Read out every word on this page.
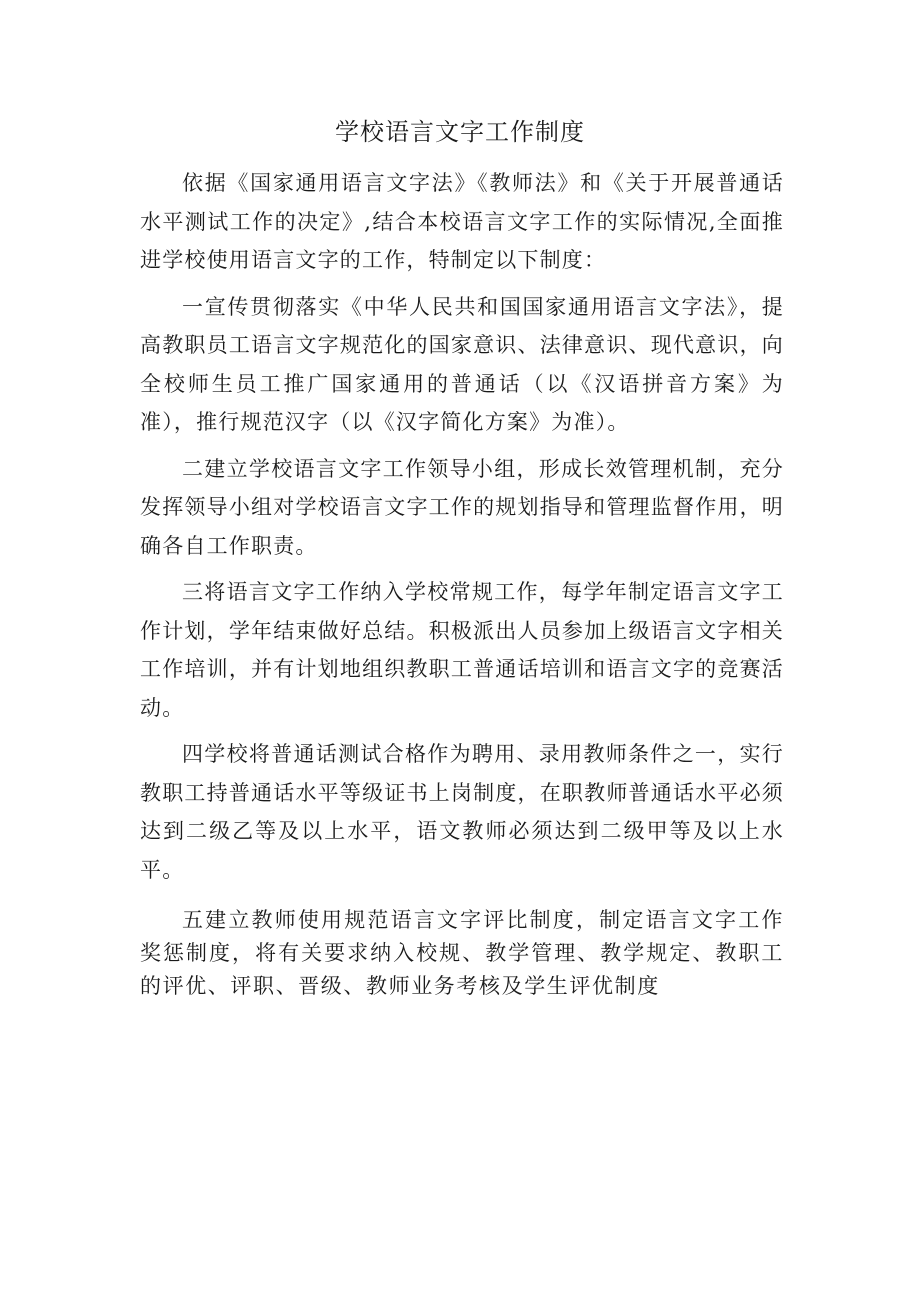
学校语言文字工作制度

依据《国家通用语言文字法》《教师法》和《关于开展普通话水平测试工作的决定》,结合本校语言文字工作的实际情况,全面推进学校使用语言文字的工作，特制定以下制度：

一宣传贯彻落实《中华人民共和国国家通用语言文字法》，提高教职员工语言文字规范化的国家意识、法律意识、现代意识，向全校师生员工推广国家通用的普通话（以《汉语拼音方案》为准），推行规范汉字（以《汉字简化方案》为准）。

二建立学校语言文字工作领导小组，形成长效管理机制，充分发挥领导小组对学校语言文字工作的规划指导和管理监督作用，明确各自工作职责。

三将语言文字工作纳入学校常规工作，每学年制定语言文字工作计划，学年结束做好总结。积极派出人员参加上级语言文字相关工作培训，并有计划地组织教职工普通话培训和语言文字的竞赛活动。

四学校将普通话测试合格作为聘用、录用教师条件之一，实行教职工持普通话水平等级证书上岗制度，在职教师普通话水平必须达到二级乙等及以上水平，语文教师必须达到二级甲等及以上水平。

五建立教师使用规范语言文字评比制度，制定语言文字工作奖惩制度，将有关要求纳入校规、教学管理、教学规定、教职工的评优、评职、晋级、教师业务考核及学生评优制度
